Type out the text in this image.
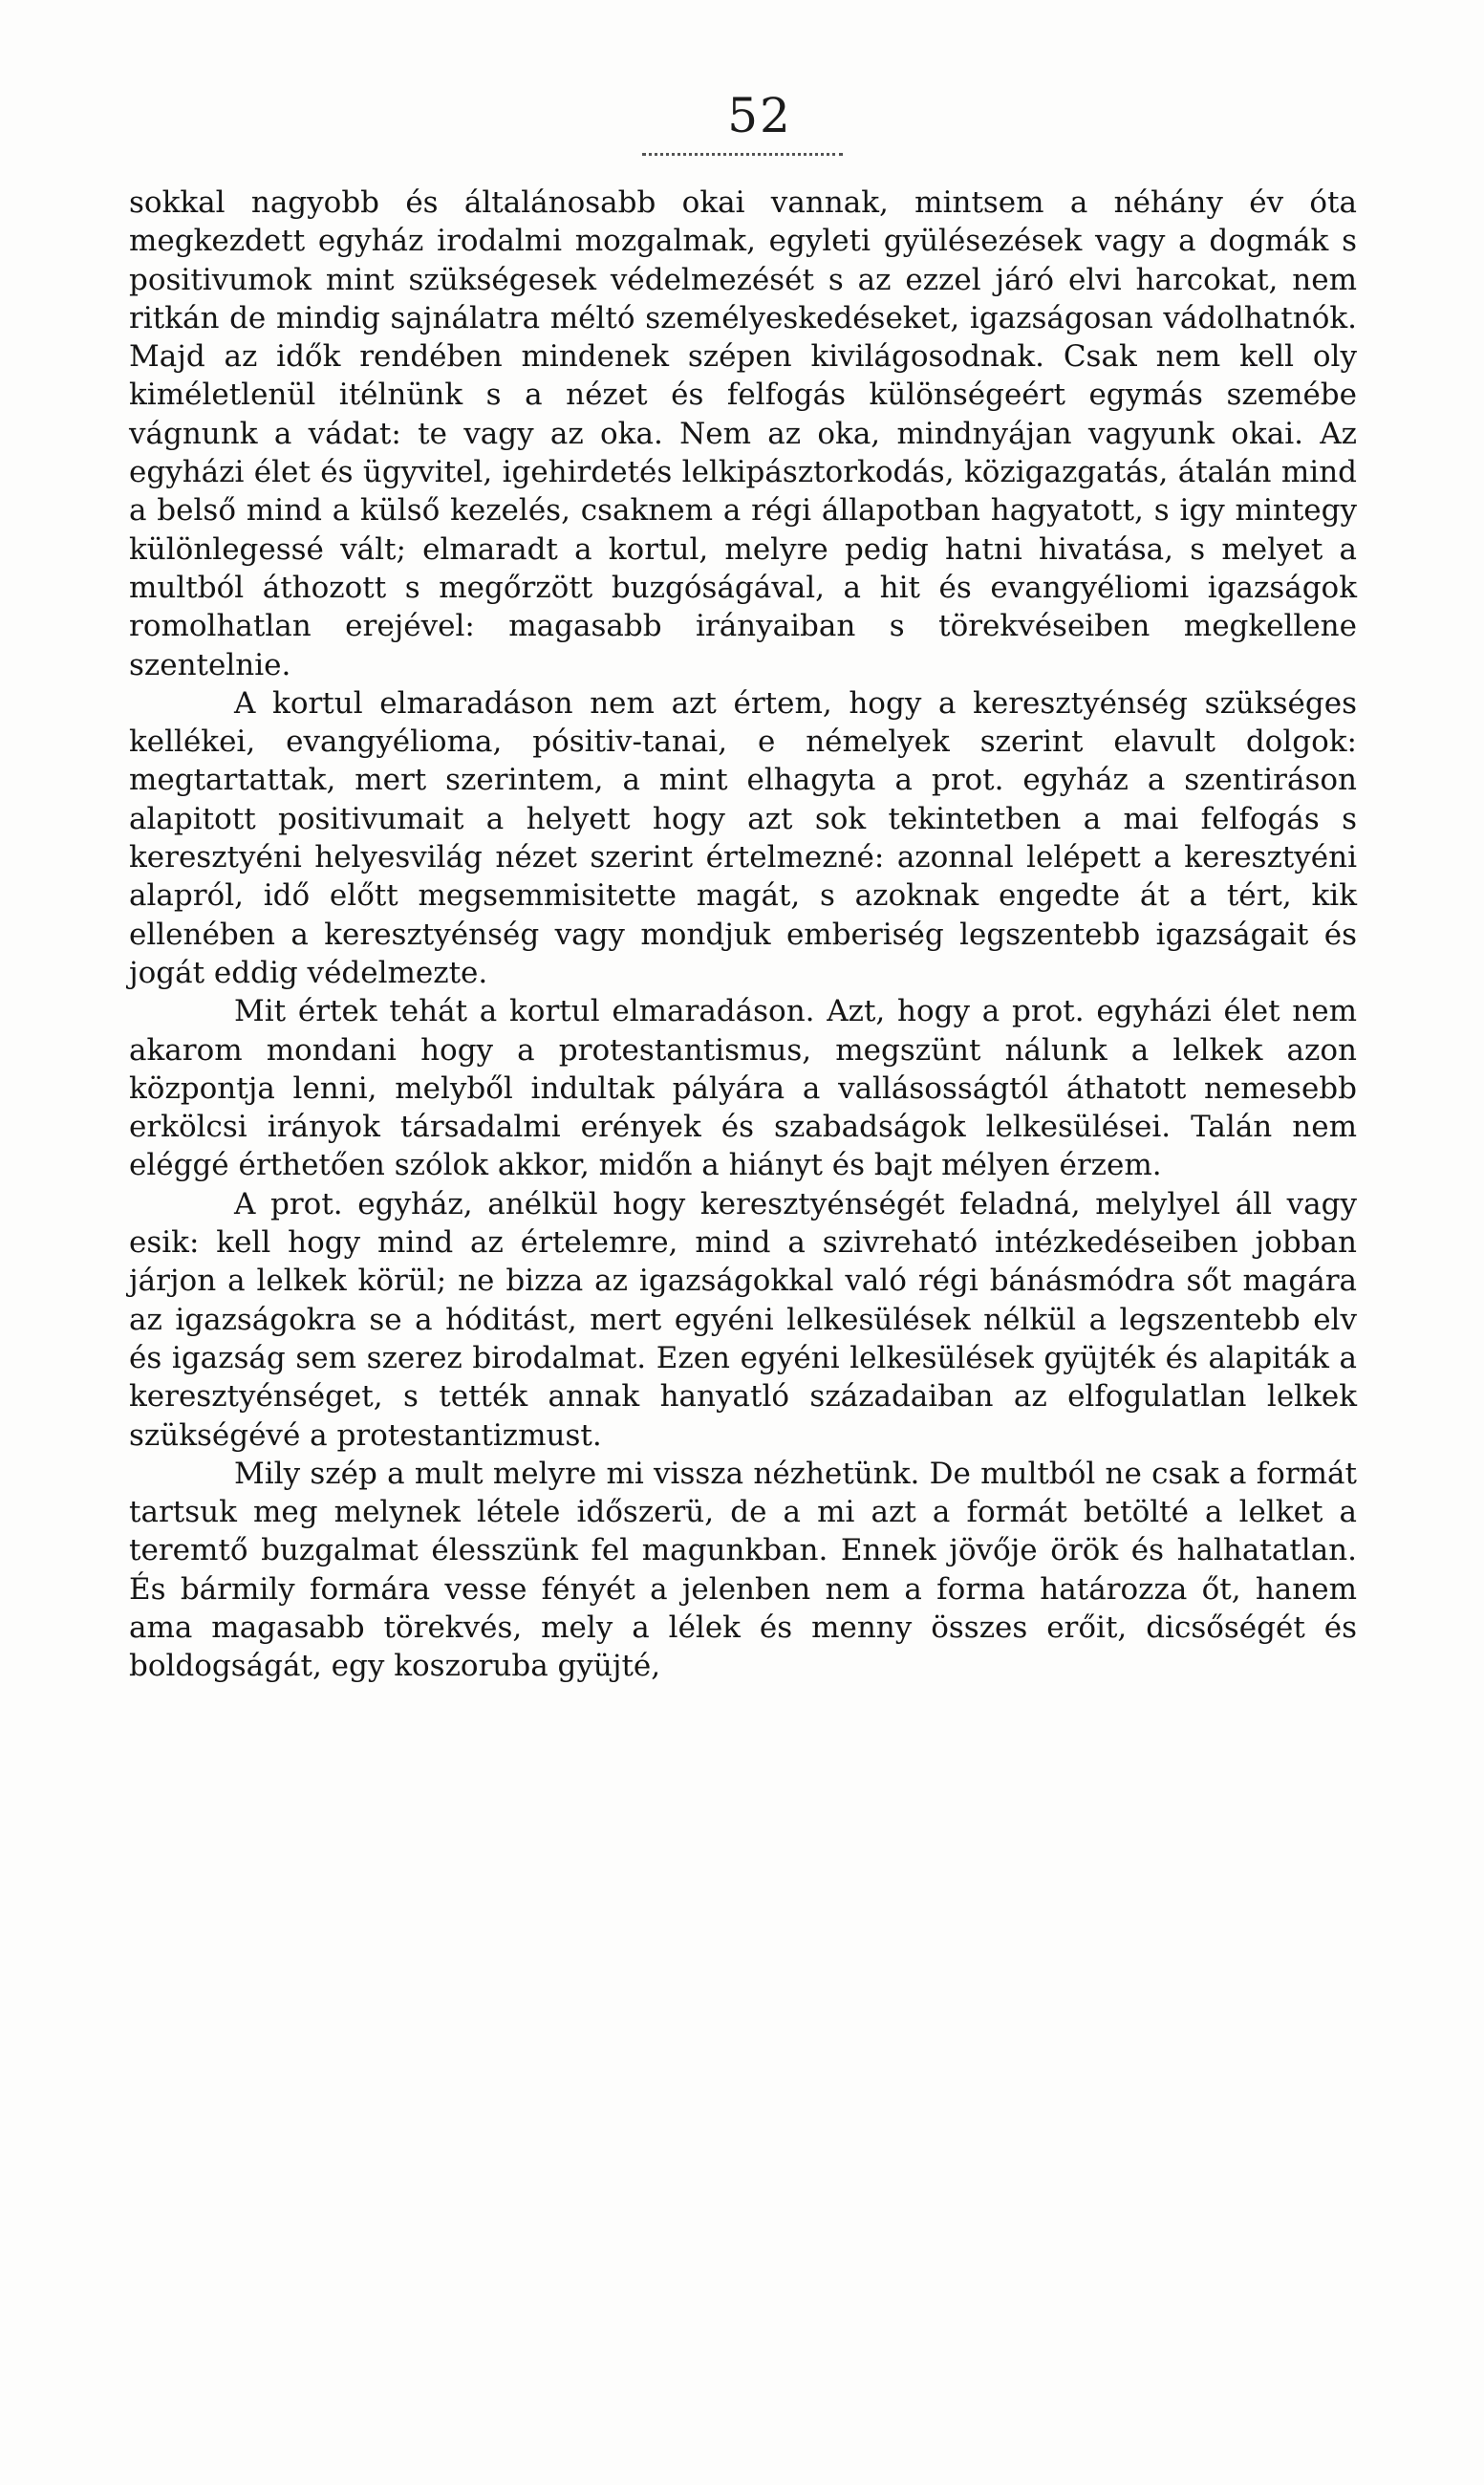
52

sokkal nagyobb és általánosabb okai vannak, mintsem a néhány év óta megkezdett egyház irodalmi mozgalmak, egyleti gyülésezések vagy a dogmák s positivumok mint szükségesek védelmezését s az ezzel járó elvi harcokat, nem ritkán de mindig sajnálatra méltó személyeskedéseket, igazságosan vádolhatnók. Majd az idők rendében mindenek szépen kivilágosodnak. Csak nem kell oly kiméletlenül itélnünk s a nézet és felfogás különségeért egymás szemébe vágnunk a vádat: te vagy az oka. Nem az oka, mindnyájan vagyunk okai. Az egyházi élet és ügyvitel, igehirdetés lelkipásztorkodás, közigazgatás, átalán mind a belső mind a külső kezelés, csaknem a régi állapotban hagyatott, s igy mintegy különlegessé vált; elmaradt a kortul, melyre pedig hatni hivatása, s melyet a multból áthozott s megőrzött buzgóságával, a hit és evangyéliomi igazságok romolhatlan erejével: magasabb irányaiban s törekvéseiben megkellene szentelnie.

A kortul elmaradáson nem azt értem, hogy a keresztyénség szükséges kellékei, evangyélioma, pósitiv-tanai, e némelyek szerint elavult dolgok: megtartattak, mert szerintem, a mint elhagyta a prot. egyház a szentiráson alapitott positivumait a helyett hogy azt sok tekintetben a mai felfogás s keresztyéni helyesvilág nézet szerint értelmezné: azonnal lelépett a keresztyéni alapról, idő előtt megsemmisitette magát, s azoknak engedte át a tért, kik ellenében a keresztyénség vagy mondjuk emberiség legszentebb igazságait és jogát eddig védelmezte.

Mit értek tehát a kortul elmaradáson. Azt, hogy a prot. egyházi élet nem akarom mondani hogy a protestantismus, megszünt nálunk a lelkek azon központja lenni, melyből indultak pályára a vallásosságtól áthatott nemesebb erkölcsi irányok társadalmi erények és szabadságok lelkesülései. Talán nem eléggé érthetően szólok akkor, midőn a hiányt és bajt mélyen érzem.

A prot. egyház, anélkül hogy keresztyénségét feladná, melylyel áll vagy esik: kell hogy mind az értelemre, mind a szivreható intézkedéseiben jobban járjon a lelkek körül; ne bizza az igazságokkal való régi bánásmódra sőt magára az igazságokra se a hóditást, mert egyéni lelkesülések nélkül a legszentebb elv és igazság sem szerez birodalmat. Ezen egyéni lelkesülések gyüjték és alapiták a keresztyénséget, s tették annak hanyatló századaiban az elfogulatlan lelkek szükségévé a protestantizmust.

Mily szép a mult melyre mi vissza nézhetünk. De multból ne csak a formát tartsuk meg melynek létele időszerü, de a mi azt a formát betölté a lelket a teremtő buzgalmat élesszünk fel magunkban. Ennek jövője örök és halhatatlan. És bármily formára vesse fényét a jelenben nem a forma határozza őt, hanem ama magasabb törekvés, mely a lélek és menny összes erőit, dicsőségét és boldogságát, egy koszoruba gyüjté,
